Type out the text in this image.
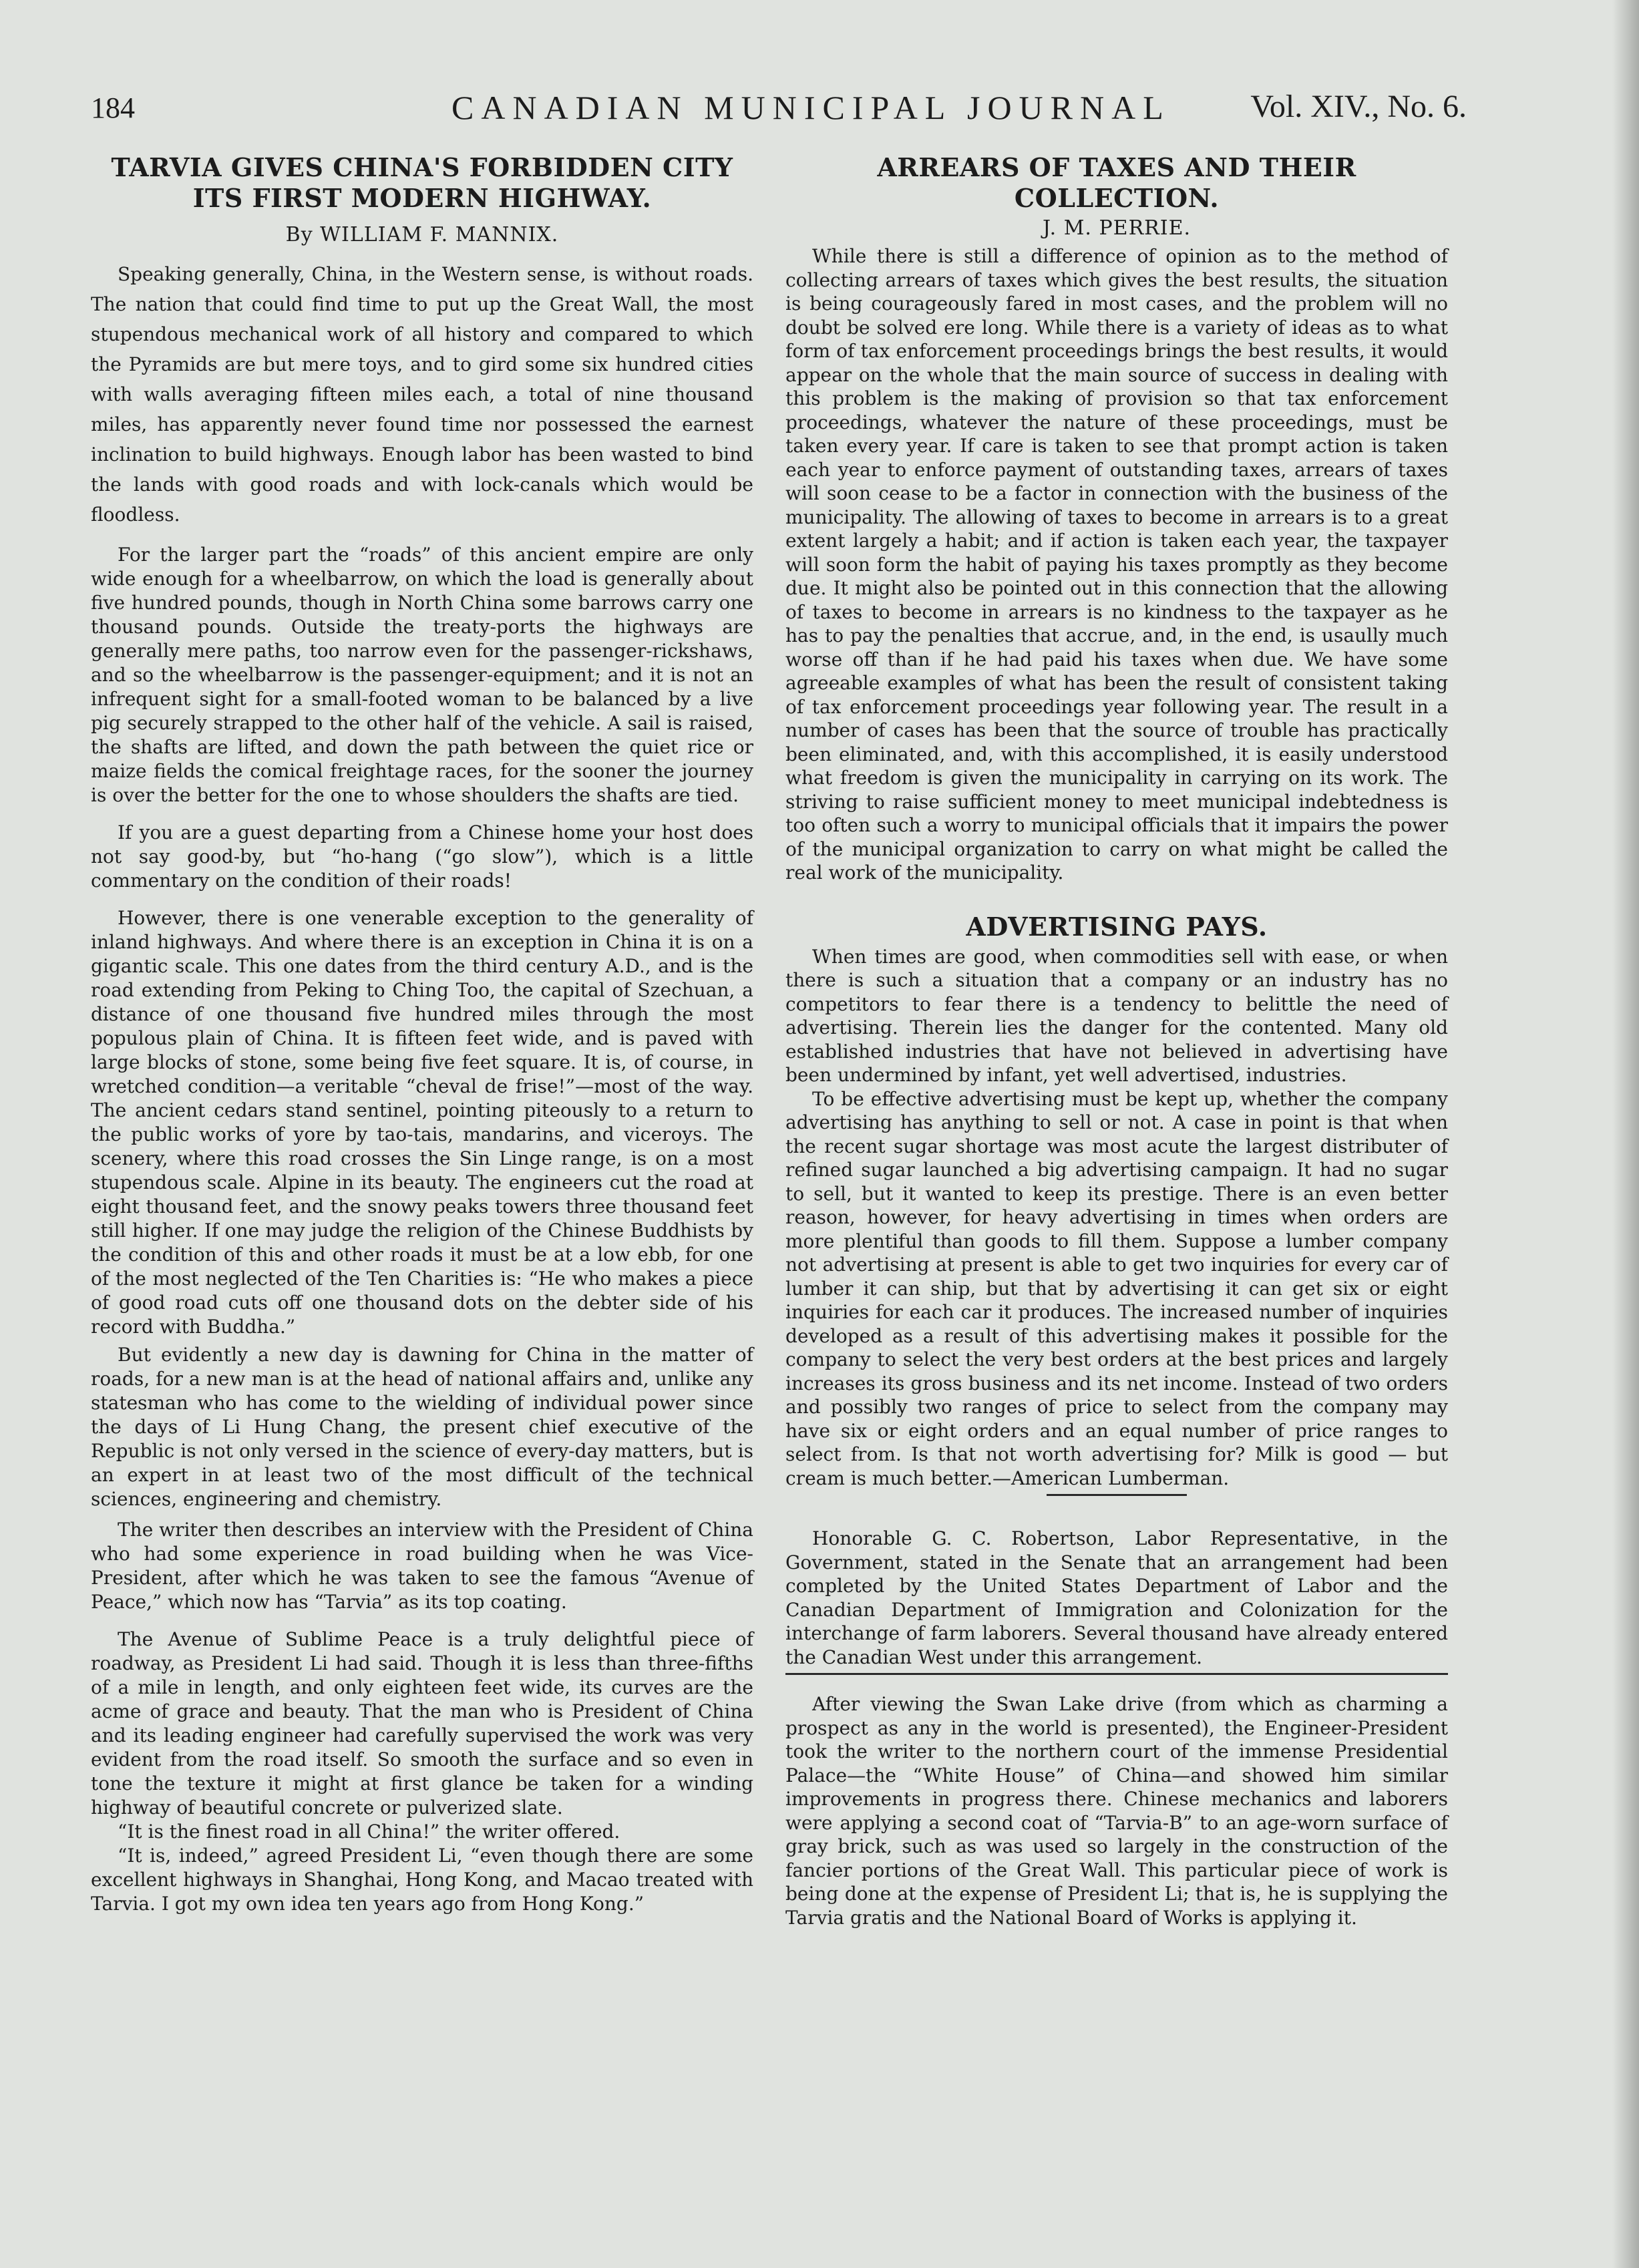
184	CANADIAN MUNICIPAL JOURNAL Vol. XIV., No. 6.
TARVIA GIVES CHINA'S FORBIDDEN CITY ITS FIRST MODERN HIGHWAY.
By WILLIAM F. MANNIX.

Speaking generally, China, in the Western sense, is without roads. The nation that could find time to put up the Great Wall, the most stupendous mechanical work of all history and compared to which the Pyramids are but mere toys, and to gird some six hundred cities with walls averaging fifteen miles each, a total of nine thousand miles, has apparently never found time nor possessed the earnest inclination to build highways. Enough labor has been wasted to bind the lands with good roads and with lock-canals which would be floodless.

For the larger part the “roads” of this ancient empire are only wide enough for a wheelbarrow, on which the load is generally about five hundred pounds, though in North China some barrows carry one thousand pounds. Outside the treaty-ports the highways are generally mere paths, too narrow even for the passenger-rickshaws, and so the wheelbarrow is the passenger-equipment; and it is not an infrequent sight for a small-footed woman to be balanced by a live pig securely strapped to the other half of the vehicle. A sail is raised, the shafts are lifted, and down the path between the quiet rice or maize fields the comical freightage races, for the sooner the journey is over the better for the one to whose shoulders the shafts are tied.

If you are a guest departing from a Chinese home your host does not say good-by, but “ho-hang (“go slow”), which is a little commentary on the condition of their roads!

However, there is one venerable exception to the generality of inland highways. And where there is an exception in China it is on a gigantic scale. This one dates from the third century A.D., and is the road extending from Peking to Ching Too, the capital of Szechuan, a distance of one thousand five hundred miles through the most populous plain of China. It is fifteen feet wide, and is paved with large blocks of stone, some being five feet square. It is, of course, in wretched condition—a veritable “cheval de frise!”—most of the way. The ancient cedars stand sentinel, pointing piteously to a return to the public works of yore by tao-tais, mandarins, and viceroys. The scenery, where this road crosses the Sin Linge range, is on a most stupendous scale. Alpine in its beauty. The engineers cut the road at eight thousand feet, and the snowy peaks towers three thousand feet still higher. If one may judge the religion of the Chinese Buddhists by the condition of this and other roads it must be at a low ebb, for one of the most neglected of the Ten Charities is: “He who makes a piece of good road cuts off one thousand dots on the debter side of his record with Buddha.”

But evidently a new day is dawning for China in the matter of roads, for a new man is at the head of national affairs and, unlike any statesman who has come to the wielding of individual power since the days of Li Hung Chang, the present chief executive of the Republic is not only versed in the science of every-day matters, but is an expert in at least two of the most difficult of the technical sciences, engineering and chemistry.

The writer then describes an interview with the President of China who had some experience in road building when he was Vice-President, after which he was taken to see the famous “Avenue of Peace,” which now has “Tarvia” as its top coating.

The Avenue of Sublime Peace is a truly delightful piece of roadway, as President Li had said. Though it is less than three-fifths of a mile in length, and only eighteen feet wide, its curves are the acme of grace and beauty. That the man who is President of China and its leading engineer had carefully supervised the work was very evident from the road itself. So smooth the surface and so even in tone the texture it might at first glance be taken for a winding highway of beautiful concrete or pulverized slate.

“It is the finest road in all China!” the writer offered.

“It is, indeed,” agreed President Li, “even though there are some excellent highways in Shanghai, Hong Kong, and Macao treated with Tarvia. I got my own idea ten years ago from Hong Kong.”

ARREARS OF TAXES AND THEIR COLLECTION.
J. M. PERRIE.

While there is still a difference of opinion as to the method of collecting arrears of taxes which gives the best results, the situation is being courageously fared in most cases, and the problem will no doubt be solved ere long. While there is a variety of ideas as to what form of tax enforcement proceedings brings the best results, it would appear on the whole that the main source of success in dealing with this problem is the making of provision so that tax enforcement proceedings, whatever the nature of these proceedings, must be taken every year. If care is taken to see that prompt action is taken each year to enforce payment of outstanding taxes, arrears of taxes will soon cease to be a factor in connection with the business of the municipality. The allowing of taxes to become in arrears is to a great extent largely a habit; and if action is taken each year, the taxpayer will soon form the habit of paying his taxes promptly as they become due. It might also be pointed out in this connection that the allowing of taxes to become in arrears is no kindness to the taxpayer as he has to pay the penalties that accrue, and, in the end, is usaully much worse off than if he had paid his taxes when due. We have some agreeable examples of what has been the result of consistent taking of tax enforcement proceedings year following year. The result in a number of cases has been that the source of trouble has practically been eliminated, and, with this accomplished, it is easily understood what freedom is given the municipality in carrying on its work. The striving to raise sufficient money to meet municipal indebtedness is too often such a worry to municipal officials that it impairs the power of the municipal organization to carry on what might be called the real work of the municipality.

ADVERTISING PAYS.

When times are good, when commodities sell with ease, or when there is such a situation that a company or an industry has no competitors to fear there is a tendency to belittle the need of advertising. Therein lies the danger for the contented. Many old established industries that have not believed in advertising have been undermined by infant, yet well advertised, industries.

To be effective advertising must be kept up, whether the company advertising has anything to sell or not. A case in point is that when the recent sugar shortage was most acute the largest distributer of refined sugar launched a big advertising campaign. It had no sugar to sell, but it wanted to keep its prestige. There is an even better reason, however, for heavy advertising in times when orders are more plentiful than goods to fill them. Suppose a lumber company not advertising at present is able to get two inquiries for every car of lumber it can ship, but that by advertising it can get six or eight inquiries for each car it produces. The increased number of inquiries developed as a result of this advertising makes it possible for the company to select the very best orders at the best prices and largely increases its gross business and its net income. Instead of two orders and possibly two ranges of price to select from the company may have six or eight orders and an equal number of price ranges to select from. Is that not worth advertising for? Milk is good — but cream is much better.—American Lumberman.

Honorable G. C. Robertson, Labor Representative, in the Government, stated in the Senate that an arrangement had been completed by the United States Department of Labor and the Canadian Department of Immigration and Colonization for the interchange of farm laborers. Several thousand have already entered the Canadian West under this arrangement.

After viewing the Swan Lake drive (from which as charming a prospect as any in the world is presented), the Engineer-President took the writer to the northern court of the immense Presidential Palace—the “White House” of China—and showed him similar improvements in progress there. Chinese mechanics and laborers were applying a second coat of “Tarvia-B” to an age-worn surface of gray brick, such as was used so largely in the construction of the fancier portions of the Great Wall. This particular piece of work is being done at the expense of President Li; that is, he is supplying the Tarvia gratis and the National Board of Works is applying it.
